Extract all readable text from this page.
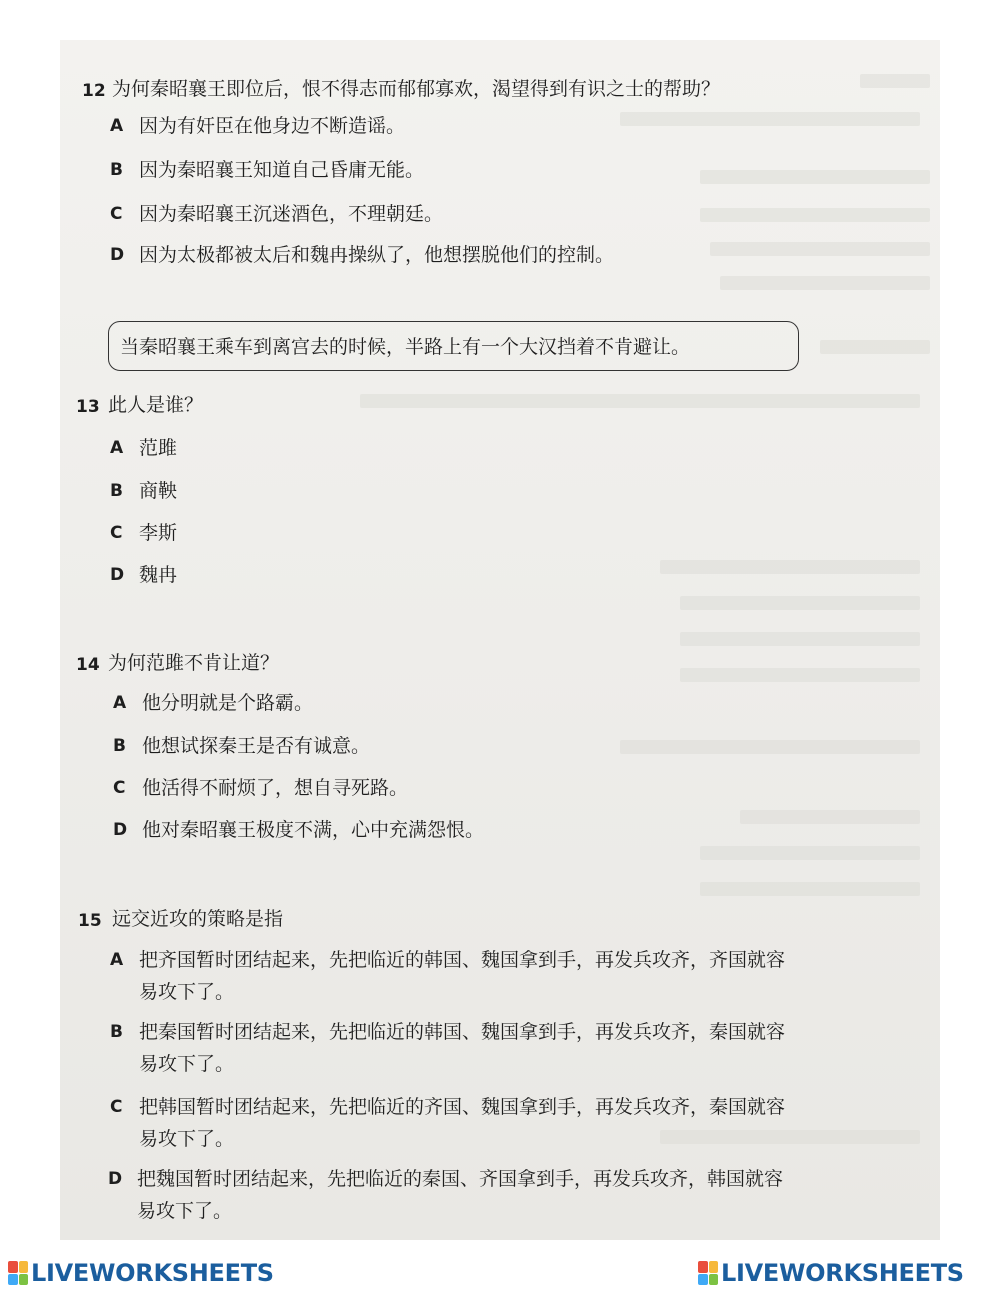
12 为何秦昭襄王即位后，恨不得志而郁郁寡欢，渴望得到有识之士的帮助？
A 因为有奸臣在他身边不断造谣。
B 因为秦昭襄王知道自己昏庸无能。
C 因为秦昭襄王沉迷酒色，不理朝廷。
D 因为太极都被太后和魏冉操纵了，他想摆脱他们的控制。
当秦昭襄王乘车到离宫去的时候，半路上有一个大汉挡着不肯避让。
13 此人是谁？
A 范雎
B 商鞅
C 李斯
D 魏冉
14 为何范雎不肯让道？
A 他分明就是个路霸。
B 他想试探秦王是否有诚意。
C 他活得不耐烦了，想自寻死路。
D 他对秦昭襄王极度不满，心中充满怨恨。
15 远交近攻的策略是指
A 把齐国暂时团结起来，先把临近的韩国、魏国拿到手，再发兵攻齐，齐国就容
易攻下了。
B 把秦国暂时团结起来，先把临近的韩国、魏国拿到手，再发兵攻齐，秦国就容
易攻下了。
C 把韩国暂时团结起来，先把临近的齐国、魏国拿到手，再发兵攻齐，秦国就容
易攻下了。
D 把魏国暂时团结起来，先把临近的秦国、齐国拿到手，再发兵攻齐，韩国就容
易攻下了。
LIVEWORKSHEETS	LIVEWORKSHEETS
